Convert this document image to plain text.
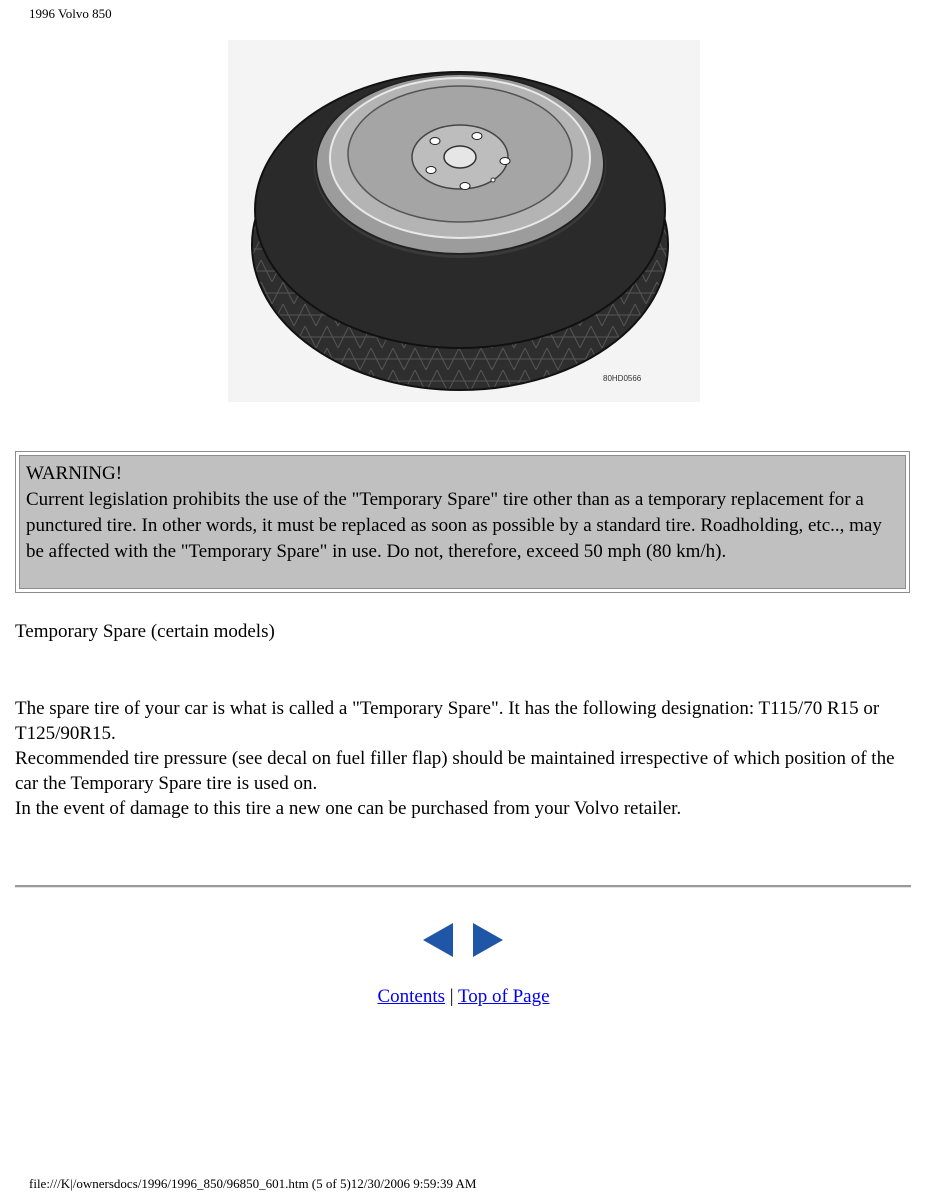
1996 Volvo 850
80HD0566

WARNING!

Current legislation prohibits the use of the "Temporary Spare" tire other than as a temporary replacement for a punctured tire. In other words, it must be replaced as soon as possible by a standard tire. Roadholding, etc.., may be affected with the "Temporary Spare" in use. Do not, therefore, exceed 50 mph (80 km/h).

Temporary Spare (certain models)

The spare tire of your car is what is called a "Temporary Spare". It has the following designation: T115/70 R15 or T125/90R15.

Recommended tire pressure (see decal on fuel filler flap) should be maintained irrespective of which position of the car the Temporary Spare tire is used on.

In the event of damage to this tire a new one can be purchased from your Volvo retailer.

Contents | Top of Page
file:///K|/ownersdocs/1996/1996_850/96850_601.htm (5 of 5)12/30/2006 9:59:39 AM
